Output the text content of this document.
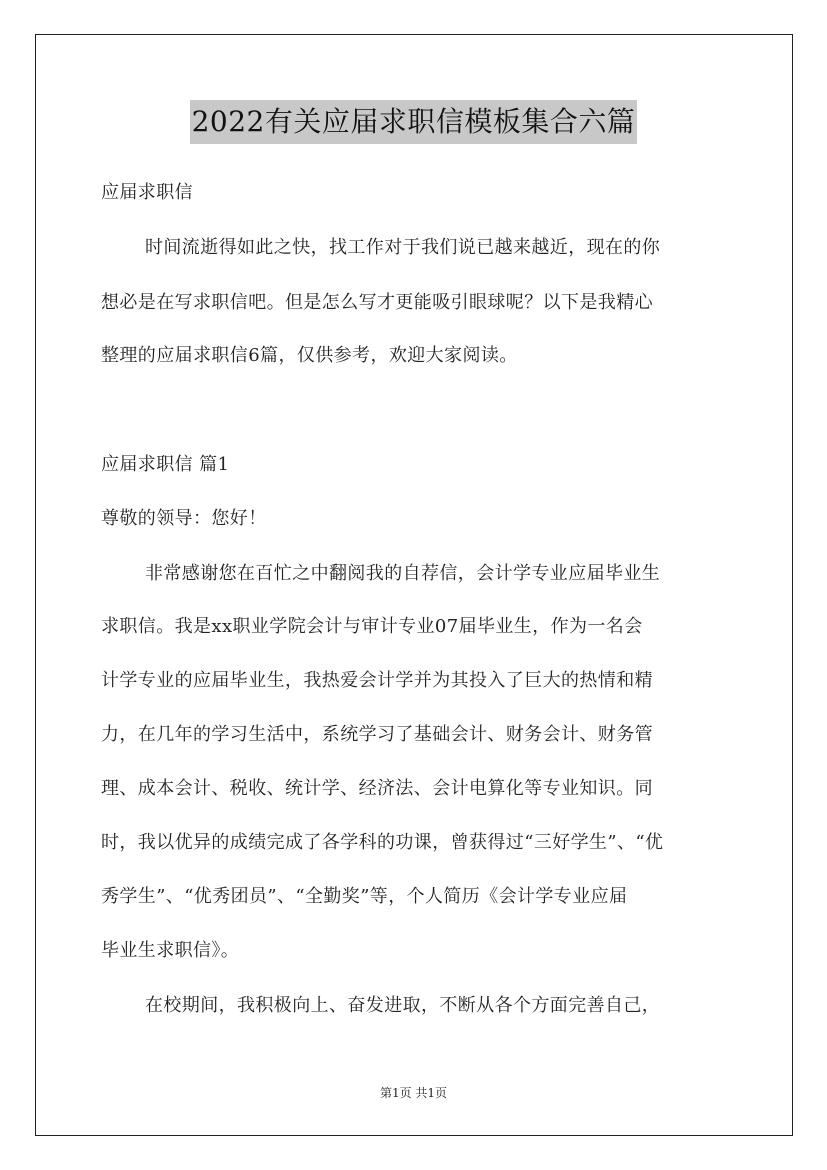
2022有关应届求职信模板集合六篇
应届求职信
时间流逝得如此之快，找工作对于我们说已越来越近，现在的你
想必是在写求职信吧。但是怎么写才更能吸引眼球呢？以下是我精心
整理的应届求职信6篇，仅供参考，欢迎大家阅读。
应届求职信 篇1
尊敬的领导：您好！
非常感谢您在百忙之中翻阅我的自荐信，会计学专业应届毕业生
求职信。我是xx职业学院会计与审计专业07届毕业生，作为一名会
计学专业的应届毕业生，我热爱会计学并为其投入了巨大的热情和精
力，在几年的学习生活中，系统学习了基础会计、财务会计、财务管
理、成本会计、税收、统计学、经济法、会计电算化等专业知识。同
时，我以优异的成绩完成了各学科的功课，曾获得过“三好学生”、“优
秀学生”、“优秀团员”、“全勤奖”等，个人简历《会计学专业应届
毕业生求职信》。
在校期间，我积极向上、奋发进取，不断从各个方面完善自己，
第1页 共1页
